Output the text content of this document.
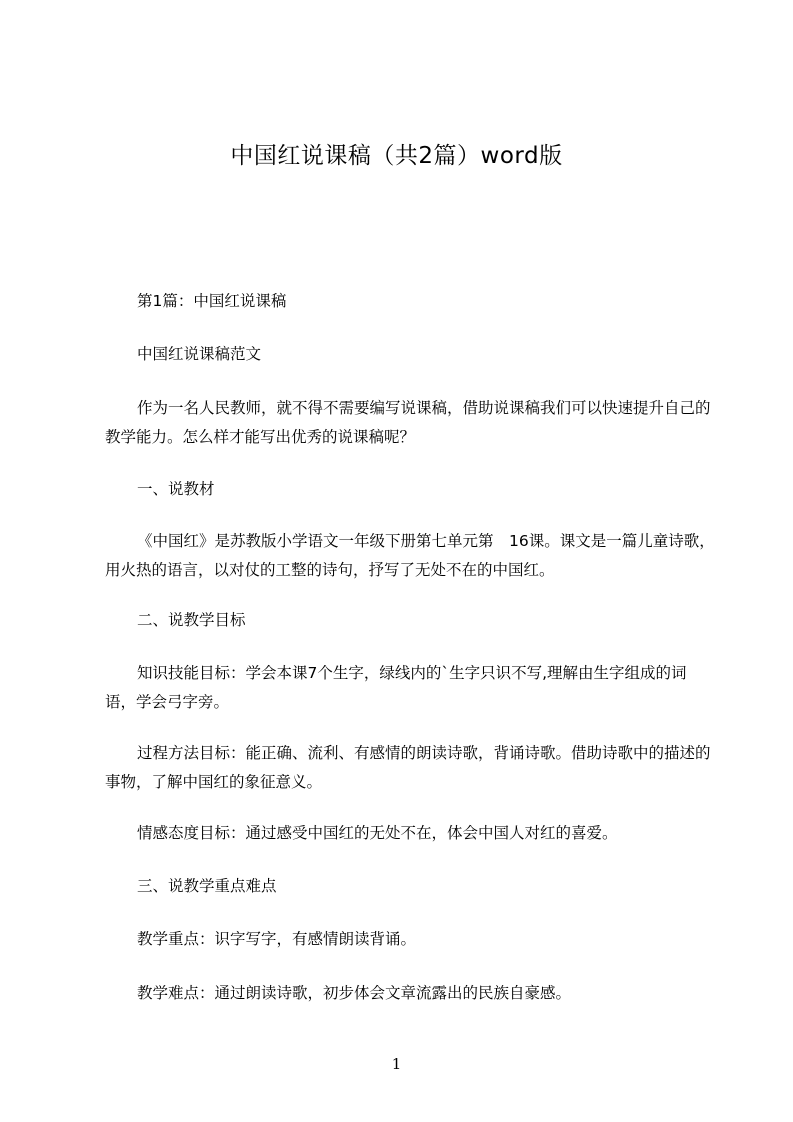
中国红说课稿（共2篇）word版

第1篇：中国红说课稿

中国红说课稿范文

作为一名人民教师，就不得不需要编写说课稿，借助说课稿我们可以快速提升自己的教学能力。怎么样才能写出优秀的说课稿呢？

一、说教材

《中国红》是苏教版小学语文一年级下册第七单元第　16课。课文是一篇儿童诗歌，用火热的语言，以对仗的工整的诗句，抒写了无处不在的中国红。

二、说教学目标

知识技能目标：学会本课7个生字，绿线内的`生字只识不写,理解由生字组成的词语，学会弓字旁。

过程方法目标：能正确、流利、有感情的朗读诗歌，背诵诗歌。借助诗歌中的描述的事物，了解中国红的象征意义。

情感态度目标：通过感受中国红的无处不在，体会中国人对红的喜爱。

三、说教学重点难点

教学重点：识字写字，有感情朗读背诵。

教学难点：通过朗读诗歌，初步体会文章流露出的民族自豪感。

1
